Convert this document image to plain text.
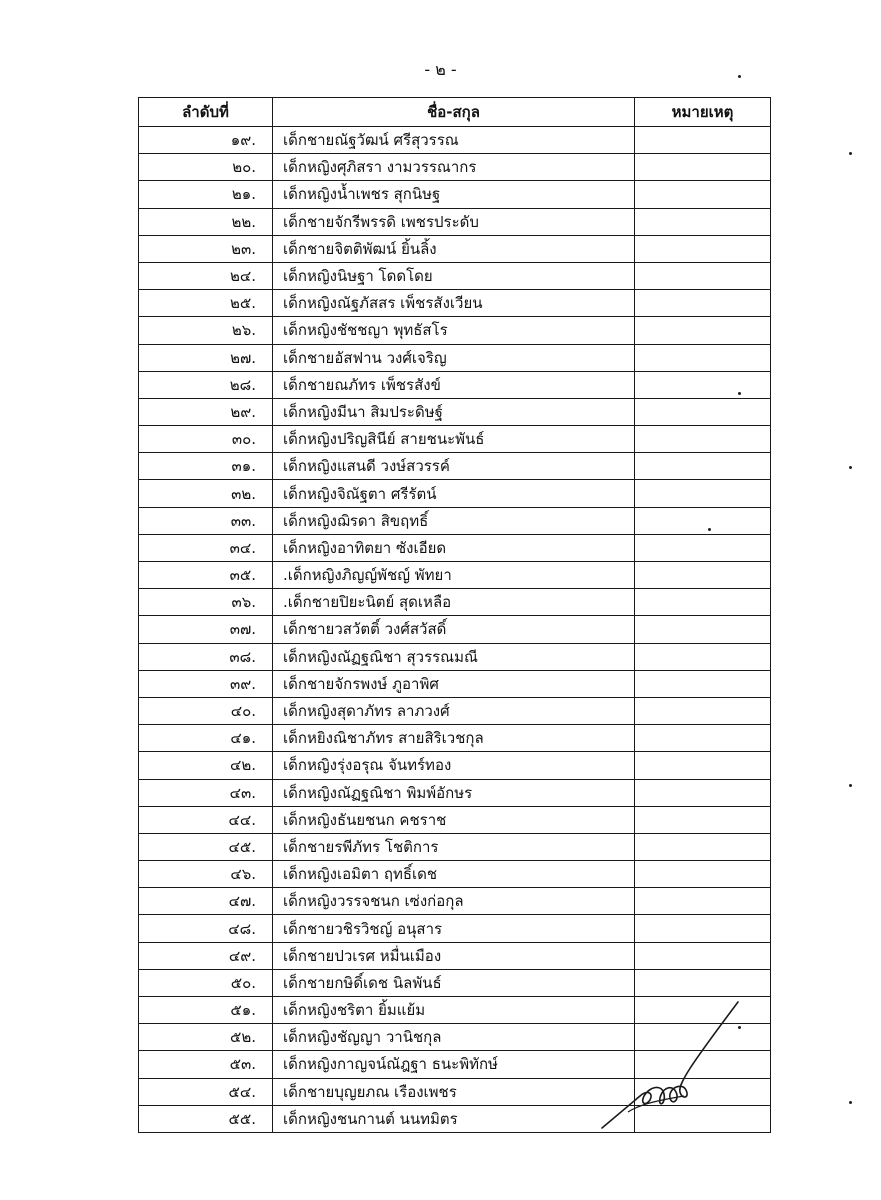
- ๒ -
ลำดับที่	ชื่อ-สกุล	หมายเหตุ
๑๙.	เด็กชายณัฐวัฒน์ ศรีสุวรรณ	
๒๐.	เด็กหญิงศุภิสรา งามวรรณากร	
๒๑.	เด็กหญิงน้ำเพชร สุกนิษฐ	
๒๒.	เด็กชายจักรีพรรดิ เพชรประดับ	
๒๓.	เด็กชายจิตติพัฒน์ ยิ้นลิ้ง	
๒๔.	เด็กหญิงนิษฐา โดดโดย	
๒๕.	เด็กหญิงณัฐภัสสร เพ็ชรสังเวียน	
๒๖.	เด็กหญิงชัชชญา พุทธัสโร	
๒๗.	เด็กชายอัสฟาน วงศ์เจริญ	
๒๘.	เด็กชายณภัทร เพ็ชรสังข์	
๒๙.	เด็กหญิงมีนา สิมประดิษฐ์	
๓๐.	เด็กหญิงปริญสินีย์ สายชนะพันธ์	
๓๑.	เด็กหญิงแสนดี วงษ์สวรรค์	
๓๒.	เด็กหญิงจิณัฐตา ศรีรัตน์	
๓๓.	เด็กหญิงฌิรดา สิขฤทธิ์	
๓๔.	เด็กหญิงอาทิตยา ซังเอียด	
๓๕.	.เด็กหญิงภิญญ์พัชญ์ พัทยา	
๓๖.	.เด็กชายปิยะนิตย์ สุดเหลือ	
๓๗.	เด็กชายวสวัตติ์ วงศ์สวัสดิ์	
๓๘.	เด็กหญิงณัฏฐณิชา สุวรรณมณี	
๓๙.	เด็กชายจักรพงษ์ ภูอาพิศ	
๔๐.	เด็กหญิงสุดาภัทร ลาภวงศ์	
๔๑.	เด็กหยิงณิชาภัทร สายสิริเวชกุล	
๔๒.	เด็กหญิงรุ่งอรุณ จันทร์ทอง	
๔๓.	เด็กหญิงณัฏฐณิชา พิมพ์อักษร	
๔๔.	เด็กหญิงธันยชนก คชราช	
๔๕.	เด็กชายรพีภัทร โชติการ	
๔๖.	เด็กหญิงเอมิตา ฤทธิ์เดช	
๔๗.	เด็กหญิงวรรจชนก เซ่งก่อกุล	
๔๘.	เด็กชายวชิรวิชญ์ อนุสาร	
๔๙.	เด็กชายปวเรศ หมื่นเมือง	
๕๐.	เด็กชายกษิดิ์เดช นิลพันธ์	
๕๑.	เด็กหญิงชริตา ยิ้มแย้ม	
๕๒.	เด็กหญิงชัญญา วานิชกุล	
๕๓.	เด็กหญิงกาญจน์ณัฎฐา ธนะพิทักษ์	
๕๔.	เด็กชายบุญยภณ เรืองเพชร	
๕๕.	เด็กหญิงชนกานต์ นนทมิตร	
